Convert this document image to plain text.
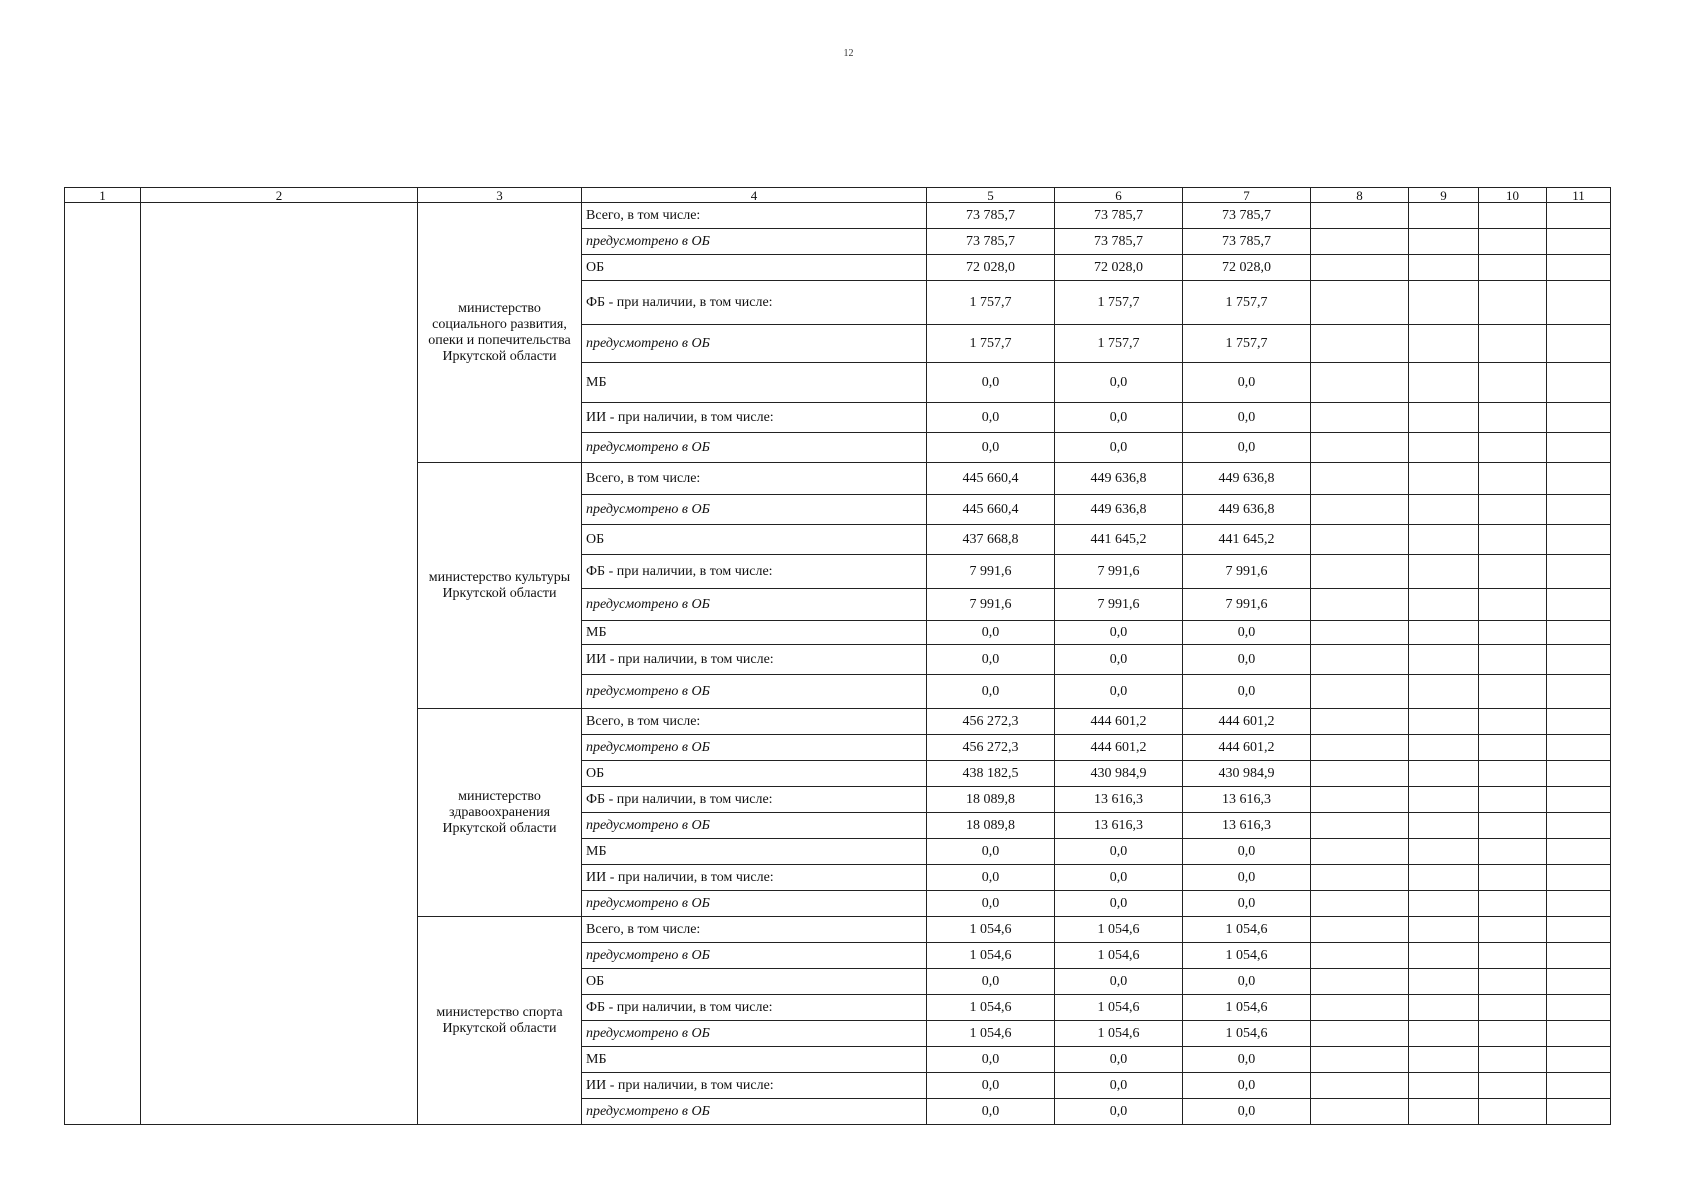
12
1	2	3	4	5	6	7	8	9	10	11
		министерство социального развития, опеки и попечительства Иркутской области	Всего, в том числе:	73 785,7	73 785,7	73 785,7				
			предусмотрено в ОБ	73 785,7	73 785,7	73 785,7				
			ОБ	72 028,0	72 028,0	72 028,0				
			ФБ - при наличии, в том числе:	1 757,7	1 757,7	1 757,7				
			предусмотрено в ОБ	1 757,7	1 757,7	1 757,7				
			МБ	0,0	0,0	0,0				
			ИИ - при наличии, в том числе:	0,0	0,0	0,0				
			предусмотрено в ОБ	0,0	0,0	0,0				
		министерство культуры Иркутской области	Всего, в том числе:	445 660,4	449 636,8	449 636,8				
			предусмотрено в ОБ	445 660,4	449 636,8	449 636,8				
			ОБ	437 668,8	441 645,2	441 645,2				
			ФБ - при наличии, в том числе:	7 991,6	7 991,6	7 991,6				
			предусмотрено в ОБ	7 991,6	7 991,6	7 991,6				
			МБ	0,0	0,0	0,0				
			ИИ - при наличии, в том числе:	0,0	0,0	0,0				
			предусмотрено в ОБ	0,0	0,0	0,0				
		министерство здравоохранения Иркутской области	Всего, в том числе:	456 272,3	444 601,2	444 601,2				
			предусмотрено в ОБ	456 272,3	444 601,2	444 601,2				
			ОБ	438 182,5	430 984,9	430 984,9				
			ФБ - при наличии, в том числе:	18 089,8	13 616,3	13 616,3				
			предусмотрено в ОБ	18 089,8	13 616,3	13 616,3				
			МБ	0,0	0,0	0,0				
			ИИ - при наличии, в том числе:	0,0	0,0	0,0				
			предусмотрено в ОБ	0,0	0,0	0,0				
		министерство спорта Иркутской области	Всего, в том числе:	1 054,6	1 054,6	1 054,6				
			предусмотрено в ОБ	1 054,6	1 054,6	1 054,6				
			ОБ	0,0	0,0	0,0				
			ФБ - при наличии, в том числе:	1 054,6	1 054,6	1 054,6				
			предусмотрено в ОБ	1 054,6	1 054,6	1 054,6				
			МБ	0,0	0,0	0,0				
			ИИ - при наличии, в том числе:	0,0	0,0	0,0				
			предусмотрено в ОБ	0,0	0,0	0,0				
